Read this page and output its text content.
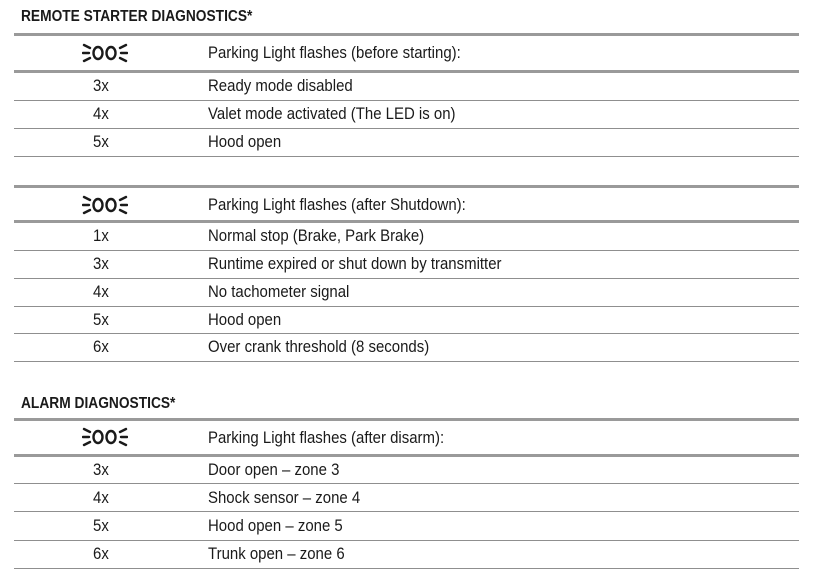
REMOTE STARTER DIAGNOSTICS*
Parking Light flashes (before starting):
3x	Ready mode disabled
4x	Valet mode activated (The LED is on)
5x	Hood open
Parking Light flashes (after Shutdown):
1x	Normal stop (Brake, Park Brake)
3x	Runtime expired or shut down by transmitter
4x	No tachometer signal
5x	Hood open
6x	Over crank threshold (8 seconds)
ALARM DIAGNOSTICS*
Parking Light flashes (after disarm):
3x	Door open – zone 3
4x	Shock sensor – zone 4
5x	Hood open – zone 5
6x	Trunk open – zone 6
